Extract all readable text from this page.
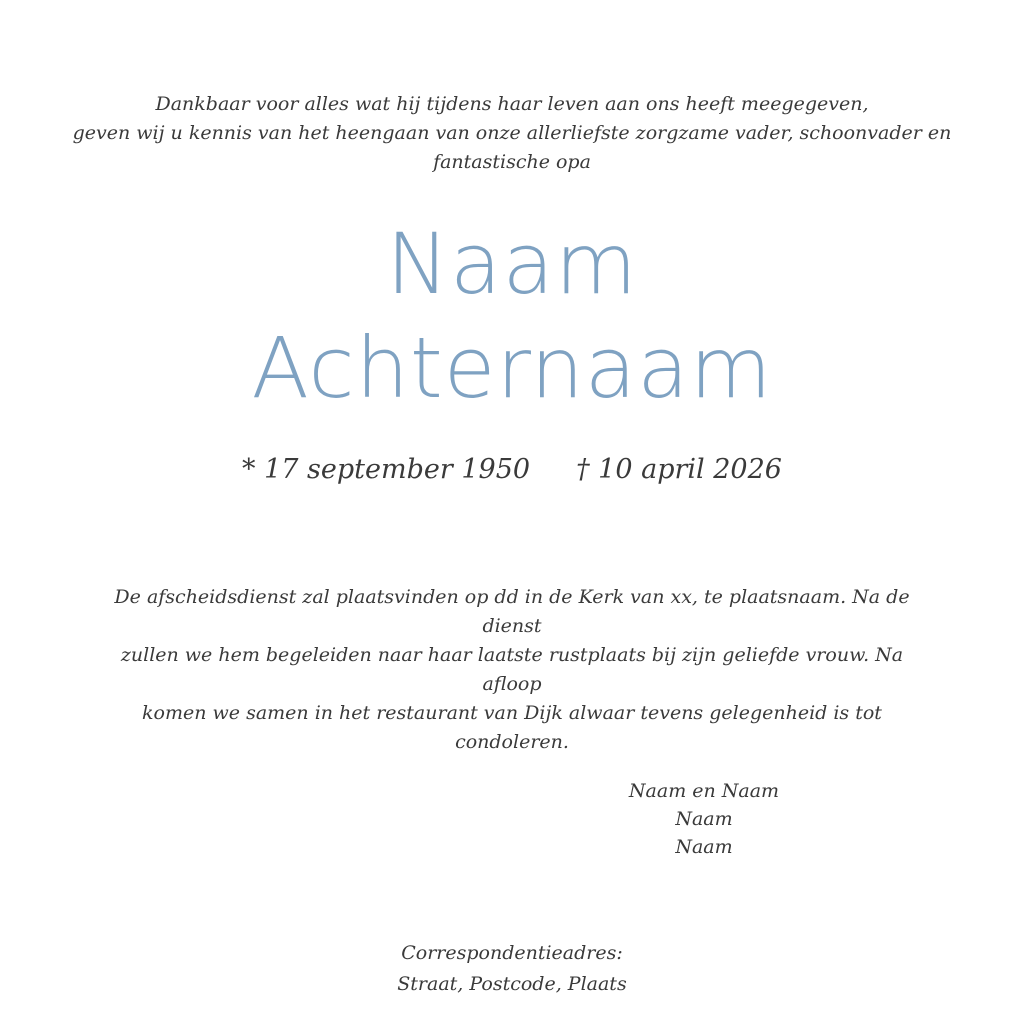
Dankbaar voor alles wat hij tijdens haar leven aan ons heeft meegegeven,
geven wij u kennis van het heengaan van onze allerliefste zorgzame vader, schoonvader en
fantastische opa
Naam
Achternaam
* 17 september 1950 † 10 april 2026
De afscheidsdienst zal plaatsvinden op dd in de Kerk van xx, te plaatsnaam. Na de dienst
zullen we hem begeleiden naar haar laatste rustplaats bij zijn geliefde vrouw. Na afloop
komen we samen in het restaurant van Dijk alwaar tevens gelegenheid is tot condoleren.
Naam en Naam
Naam
Naam
Correspondentieadres:
Straat, Postcode, Plaats
